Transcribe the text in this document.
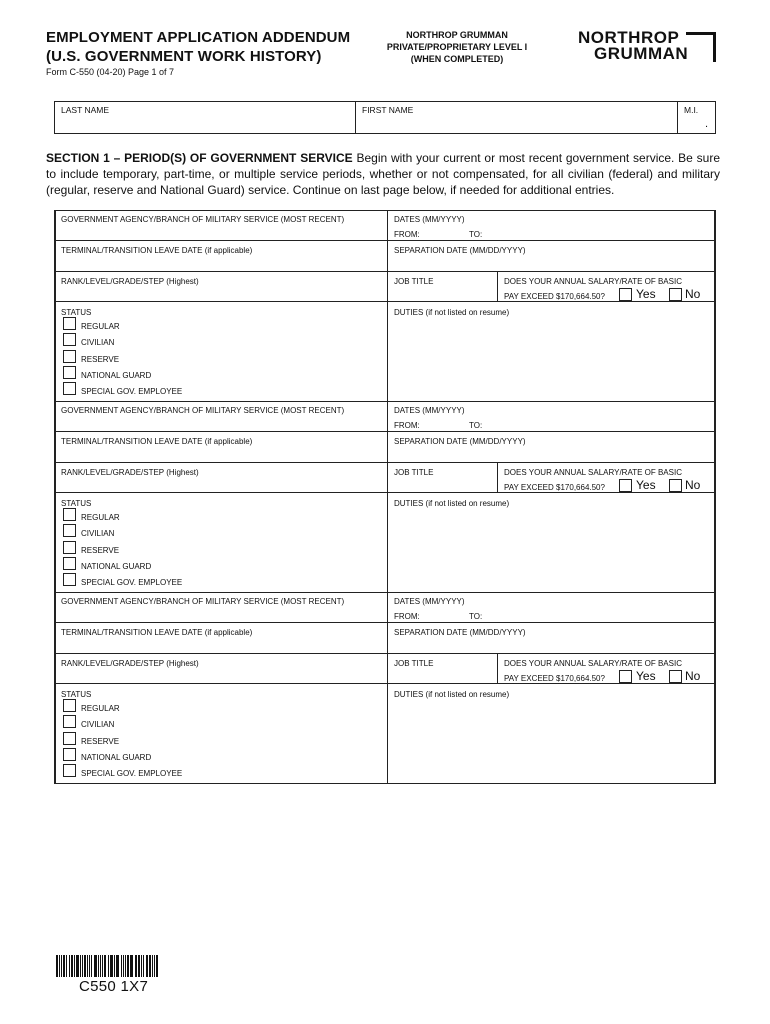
EMPLOYMENT APPLICATION ADDENDUM
(U.S. GOVERNMENT WORK HISTORY)
Form C-550 (04-20) Page 1 of 7
NORTHROP GRUMMAN
PRIVATE/PROPRIETARY LEVEL I
(WHEN COMPLETED)
NORTHROP
GRUMMAN
LAST NAME	FIRST NAME	M.I.
.
SECTION 1 – PERIOD(S) OF GOVERNMENT SERVICE Begin with your current or most recent government service. Be sure to include temporary, part-time, or multiple service periods, whether or not compensated, for all civilian (federal) and military (regular, reserve and National Guard) service. Continue on last page below, if needed for additional entries.
GOVERNMENT AGENCY/BRANCH OF MILITARY SERVICE (MOST RECENT)	DATES (MM/YYYY)
FROM:	TO:
TERMINAL/TRANSITION LEAVE DATE (if applicable)	SEPARATION DATE (MM/DD/YYYY)
RANK/LEVEL/GRADE/STEP (Highest)	JOB TITLE	DOES YOUR ANNUAL SALARY/RATE OF BASIC
PAY EXCEED $170,664.50?	Yes No
STATUS	DUTIES (if not listed on resume)
REGULAR
CIVILIAN
RESERVE
NATIONAL GUARD
SPECIAL GOV. EMPLOYEE
GOVERNMENT AGENCY/BRANCH OF MILITARY SERVICE (MOST RECENT)	DATES (MM/YYYY)
FROM:	TO:
TERMINAL/TRANSITION LEAVE DATE (if applicable)	SEPARATION DATE (MM/DD/YYYY)
RANK/LEVEL/GRADE/STEP (Highest)	JOB TITLE	DOES YOUR ANNUAL SALARY/RATE OF BASIC
PAY EXCEED $170,664.50?	Yes No
STATUS	DUTIES (if not listed on resume)
REGULAR
CIVILIAN
RESERVE
NATIONAL GUARD
SPECIAL GOV. EMPLOYEE
GOVERNMENT AGENCY/BRANCH OF MILITARY SERVICE (MOST RECENT)	DATES (MM/YYYY)
FROM:	TO:
TERMINAL/TRANSITION LEAVE DATE (if applicable)	SEPARATION DATE (MM/DD/YYYY)
RANK/LEVEL/GRADE/STEP (Highest)	JOB TITLE	DOES YOUR ANNUAL SALARY/RATE OF BASIC
PAY EXCEED $170,664.50?	Yes No
STATUS	DUTIES (if not listed on resume)
REGULAR
CIVILIAN
RESERVE
NATIONAL GUARD
SPECIAL GOV. EMPLOYEE
C550 1X7
